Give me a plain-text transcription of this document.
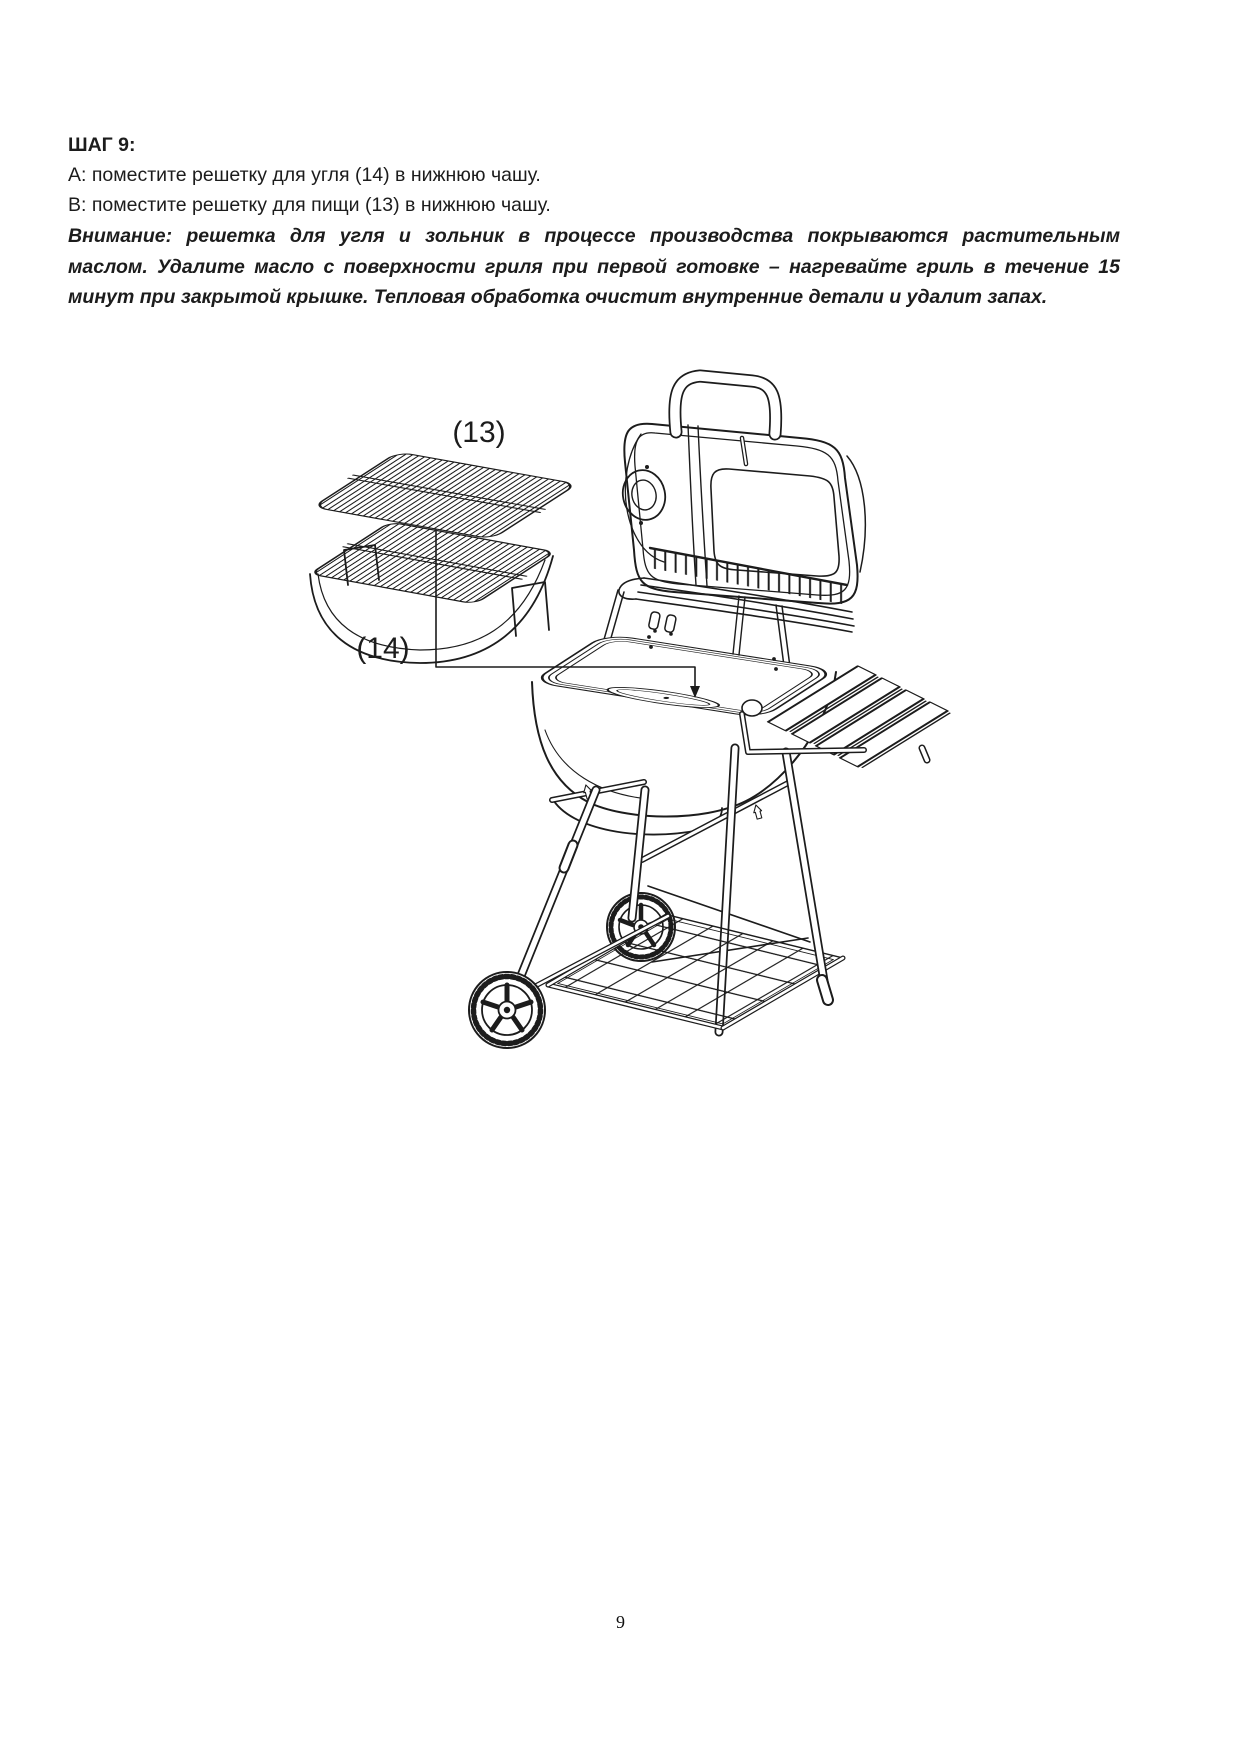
ШАГ 9:
А: поместите решетку для угля (14) в нижнюю чашу.
В: поместите решетку для пищи (13) в нижнюю чашу.
Внимание: решетка для угля и зольник в процессе производства покрываются растительным
маслом. Удалите масло с поверхности гриля при первой готовке – нагревайте гриль в течение 15
минут при закрытой крышке. Тепловая обработка очистит внутренние детали и удалит запах.
(13)
(14)
9
